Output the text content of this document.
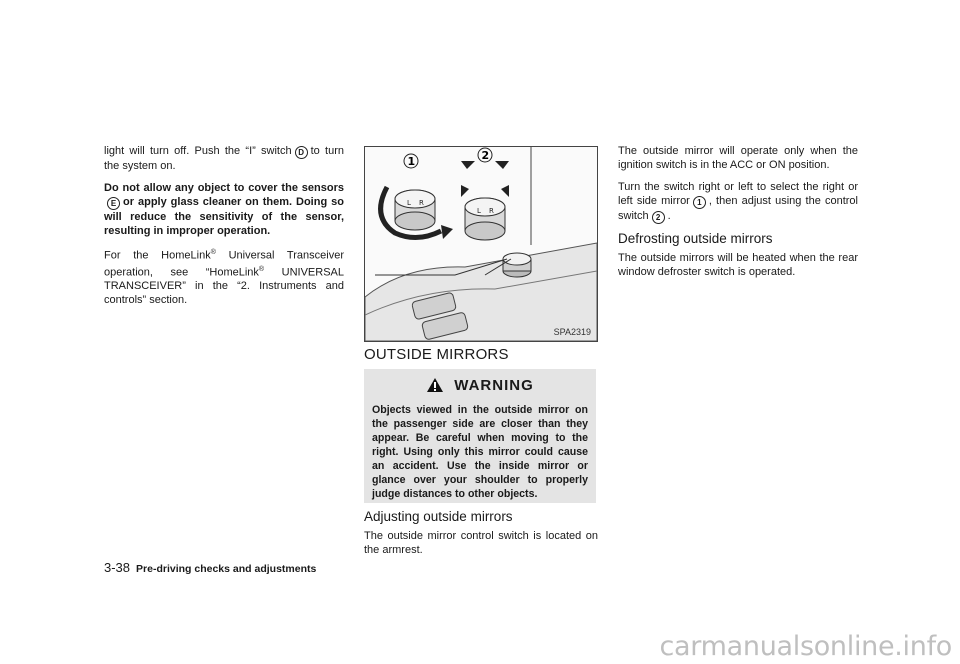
light will turn off. Push the “I” switch D to turn the system on.

Do not allow any object to cover the sensorsE or apply glass cleaner on them. Doing so will reduce the sensitivity of the sensor, resulting in improper operation.

For the HomeLink® Universal Transceiver operation, see “HomeLink® UNIVERSAL TRANSCEIVER” in the “2. Instruments and controls” section.

L R
L R
1	2
SPA2319
OUTSIDE MIRRORS
WARNING
Objects viewed in the outside mirror on the passenger side are closer than they appear. Be careful when moving to the right. Using only this mirror could cause an accident. Use the inside mirror or glance over your shoulder to properly judge distances to other objects.
Adjusting outside mirrors

The outside mirror control switch is located on the armrest.

The outside mirror will operate only when the ignition switch is in the ACC or ON position.

Turn the switch right or left to select the right or left side mirror 1 , then adjust using the control switch 2 .

Defrosting outside mirrors

The outside mirrors will be heated when the rear window defroster switch is operated.

3-38 Pre-driving checks and adjustments
carmanualsonline.info
